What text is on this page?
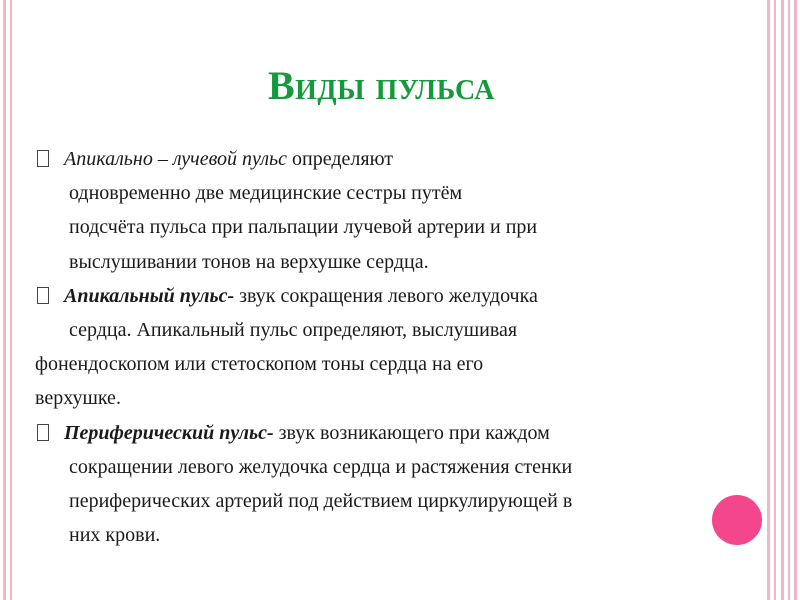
Виды пульса
Апикально – лучевой пульс определяют
одновременно две медицинские сестры путём
подсчёта пульса при пальпации лучевой артерии и при
выслушивании тонов на верхушке сердца.
Апикальный пульс- звук сокращения левого желудочка
сердца. Апикальный пульс определяют, выслушивая
фонендоскопом или стетоскопом тоны сердца на его
верхушке.
Периферический пульс- звук возникающего при каждом
сокращении левого желудочка сердца и растяжения стенки
периферических артерий под действием циркулирующей в
них крови.
